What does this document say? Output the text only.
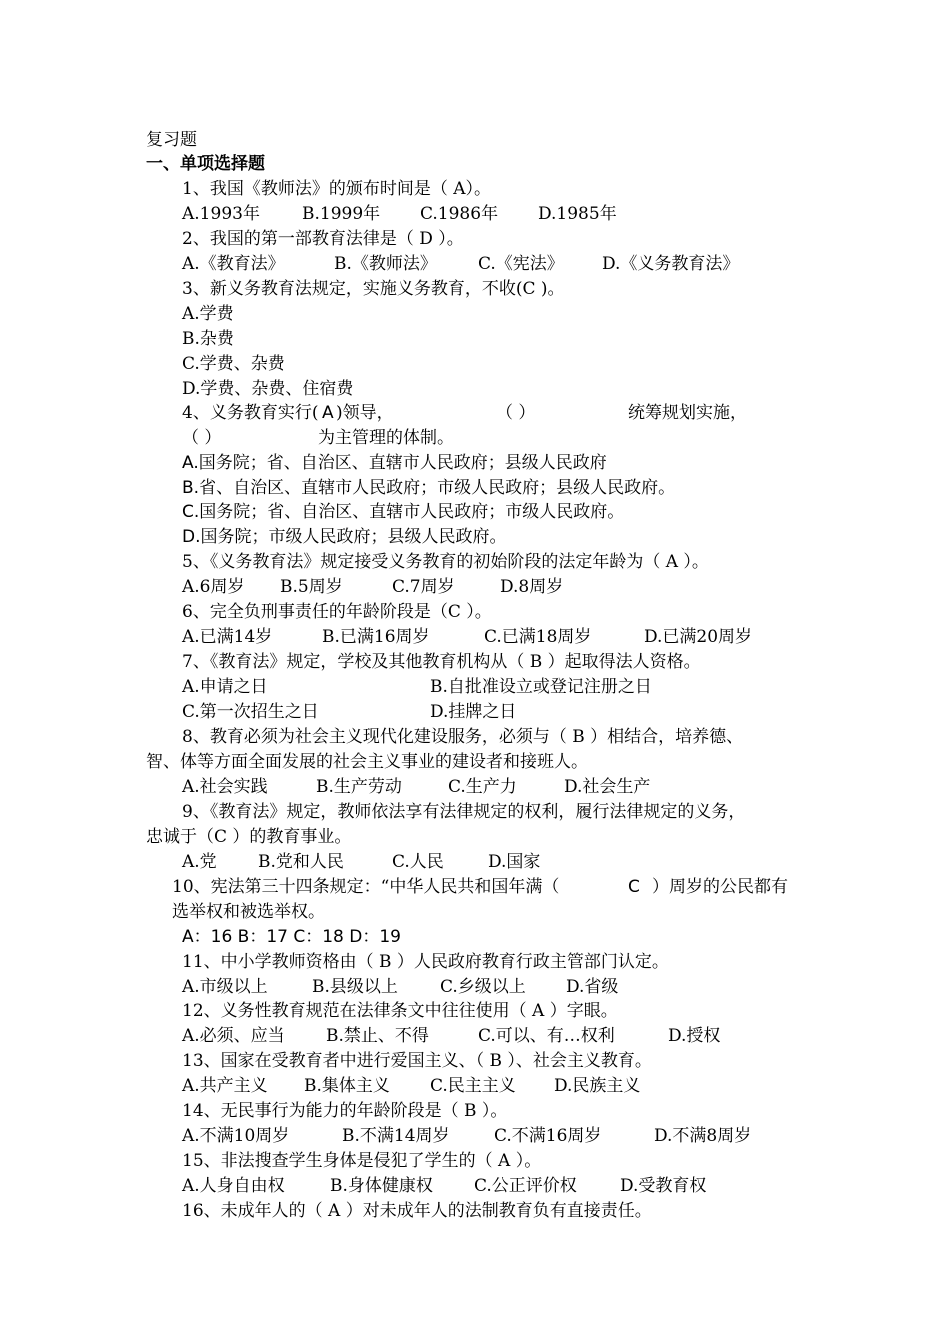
复习题
一、单项选择题
1、我国《教师法》的颁布时间是（ A）。
A.1993年 B.1999年 C.1986年 D.1985年
2、我国的第一部教育法律是（ D ）。
A.《教育法》	B.《教师法》 C.《宪法》 D.《义务教育法》
3、新义务教育法规定，实施义务教育，不收(C )。
A.学费
B.杂费
C.学费、杂费
D.学费、杂费、住宿费
4、义务教育实行( A )领导，	（ ）	统筹规划实施，
（ ）	为主管理的体制。
A.国务院；省、自治区、直辖市人民政府；县级人民政府
B.省、自治区、直辖市人民政府；市级人民政府；县级人民政府。
C.国务院；省、自治区、直辖市人民政府；市级人民政府。
D.国务院；市级人民政府；县级人民政府。
5、《义务教育法》规定接受义务教育的初始阶段的法定年龄为（ A ）。
A.6周岁 B.5周岁	C.7周岁	D.8周岁
6、完全负刑事责任的年龄阶段是（C ）。
A.已满14岁	B.已满16周岁	C.已满18周岁	D.已满20周岁
7、《教育法》规定，学校及其他教育机构从（ B ）起取得法人资格。
A.申请之日	B.自批准设立或登记注册之日
C.第一次招生之日	D.挂牌之日
8、教育必须为社会主义现代化建设服务，必须与（ B ）相结合，培养德、
智、体等方面全面发展的社会主义事业的建设者和接班人。
A.社会实践	B.生产劳动	C.生产力	D.社会生产
9、《教育法》规定，教师依法享有法律规定的权利，履行法律规定的义务，
忠诚于（C ）的教育事业。
A.党 B.党和人民	C.人民	D.国家
10、宪法第三十四条规定：“中华人民共和国年满（	C ）周岁的公民都有
选举权和被选举权。
A：16 B：17 C：18 D：19
11、中小学教师资格由（ B ）人民政府教育行政主管部门认定。
A.市级以上	B.县级以上 C.乡级以上 D.省级
12、义务性教育规范在法律条文中往往使用（ A ）字眼。
A.必须、应当 B.禁止、不得	C.可以、有…权利	D.授权
13、国家在受教育者中进行爱国主义、（ B ）、社会主义教育。
A.共产主义 B.集体主义 C.民主主义 D.民族主义
14、无民事行为能力的年龄阶段是（ B ）。
A.不满10周岁	B.不满14周岁	C.不满16周岁	D.不满8周岁
15、非法搜查学生身体是侵犯了学生的（ A ）。
A.人身自由权	B.身体健康权 C.公正评价权	D.受教育权
16、未成年人的（ A ）对未成年人的法制教育负有直接责任。
